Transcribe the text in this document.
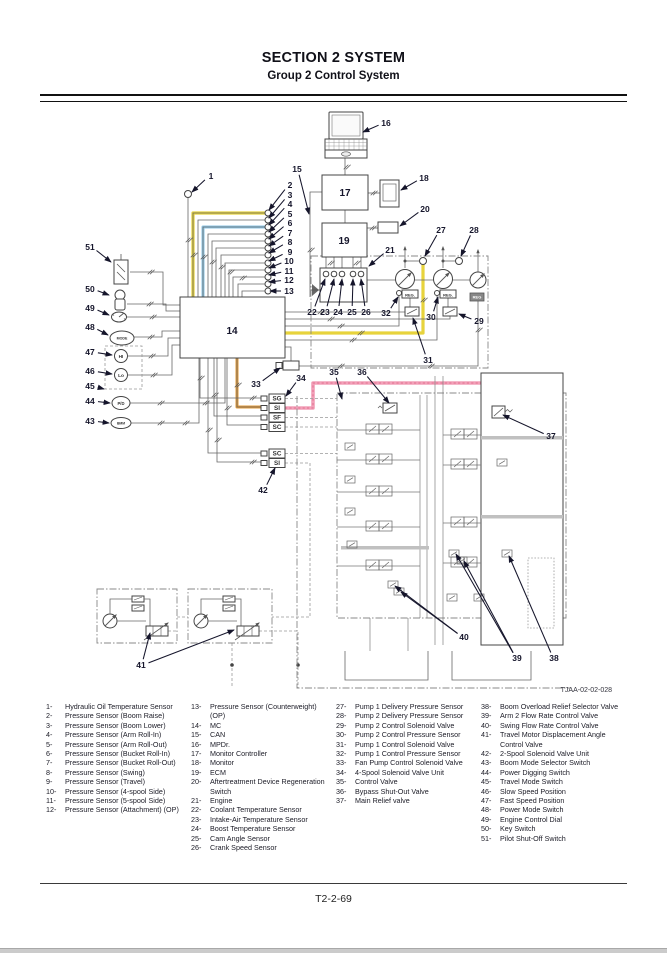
SECTION 2 SYSTEM
Group 2 Control System
17
19
14
REG.	REG.	REG
SG
SI
SF
SC
SC
SI
MODE
HI
Lo
P/D
BMM
1
2
3
4
5
6
7
8
9
10
11
12
13
15
16
18
20
21
22 23 24 25 26
27	28
29
30
31
32
33
34
35 36
37
38
39
40
41
42
43
44
45
46
47
48
49
50
51
TJAA-02-02-028
1-	Hydraulic Oil Temperature Sensor
2-	Pressure Sensor (Boom Raise)
3-	Pressure Sensor (Boom Lower)
4-	Pressure Sensor (Arm Roll-In)
5-	Pressure Sensor (Arm Roll-Out)
6-	Pressure Sensor (Bucket Roll-In)
7-	Pressure Sensor (Bucket Roll-Out)
8-	Pressure Sensor (Swing)
9-	Pressure Sensor (Travel)
10-	Pressure Sensor (4-spool Side)
11-	Pressure Sensor (5-spool Side)
12-	Pressure Sensor (Attachment) (OP)
13-	Pressure Sensor (Counterweight) (OP)
14-	MC
15-	CAN
16-	MPDr.
17-	Monitor Controller
18-	Monitor
19-	ECM
20-	Aftertreatment Device Regeneration Switch
21-	Engine
22-	Coolant Temperature Sensor
23-	Intake-Air Temperature Sensor
24-	Boost Temperature Sensor
25-	Cam Angle Sensor
26-	Crank Speed Sensor
27-	Pump 1 Delivery Pressure Sensor
28-	Pump 2 Delivery Pressure Sensor
29-	Pump 2 Control Solenoid Valve
30-	Pump 2 Control Pressure Sensor
31-	Pump 1 Control Solenoid Valve
32-	Pump 1 Control Pressure Sensor
33-	Fan Pump Control Solenoid Valve
34-	4-Spool Solenoid Valve Unit
35-	Control Valve
36-	Bypass Shut-Out Valve
37-	Main Relief valve
38-	Boom Overload Relief Selector Valve
39-	Arm 2 Flow Rate Control Valve
40-	Swing Flow Rate Control Valve
41-	Travel Motor Displacement Angle Control Valve
42-	2-Spool Solenoid Valve Unit
43-	Boom Mode Selector Switch
44-	Power Digging Switch
45-	Travel Mode Switch
46-	Slow Speed Position
47-	Fast Speed Position
48-	Power Mode Switch
49-	Engine Control Dial
50-	Key Switch
51-	Pilot Shut-Off Switch
T2-2-69
